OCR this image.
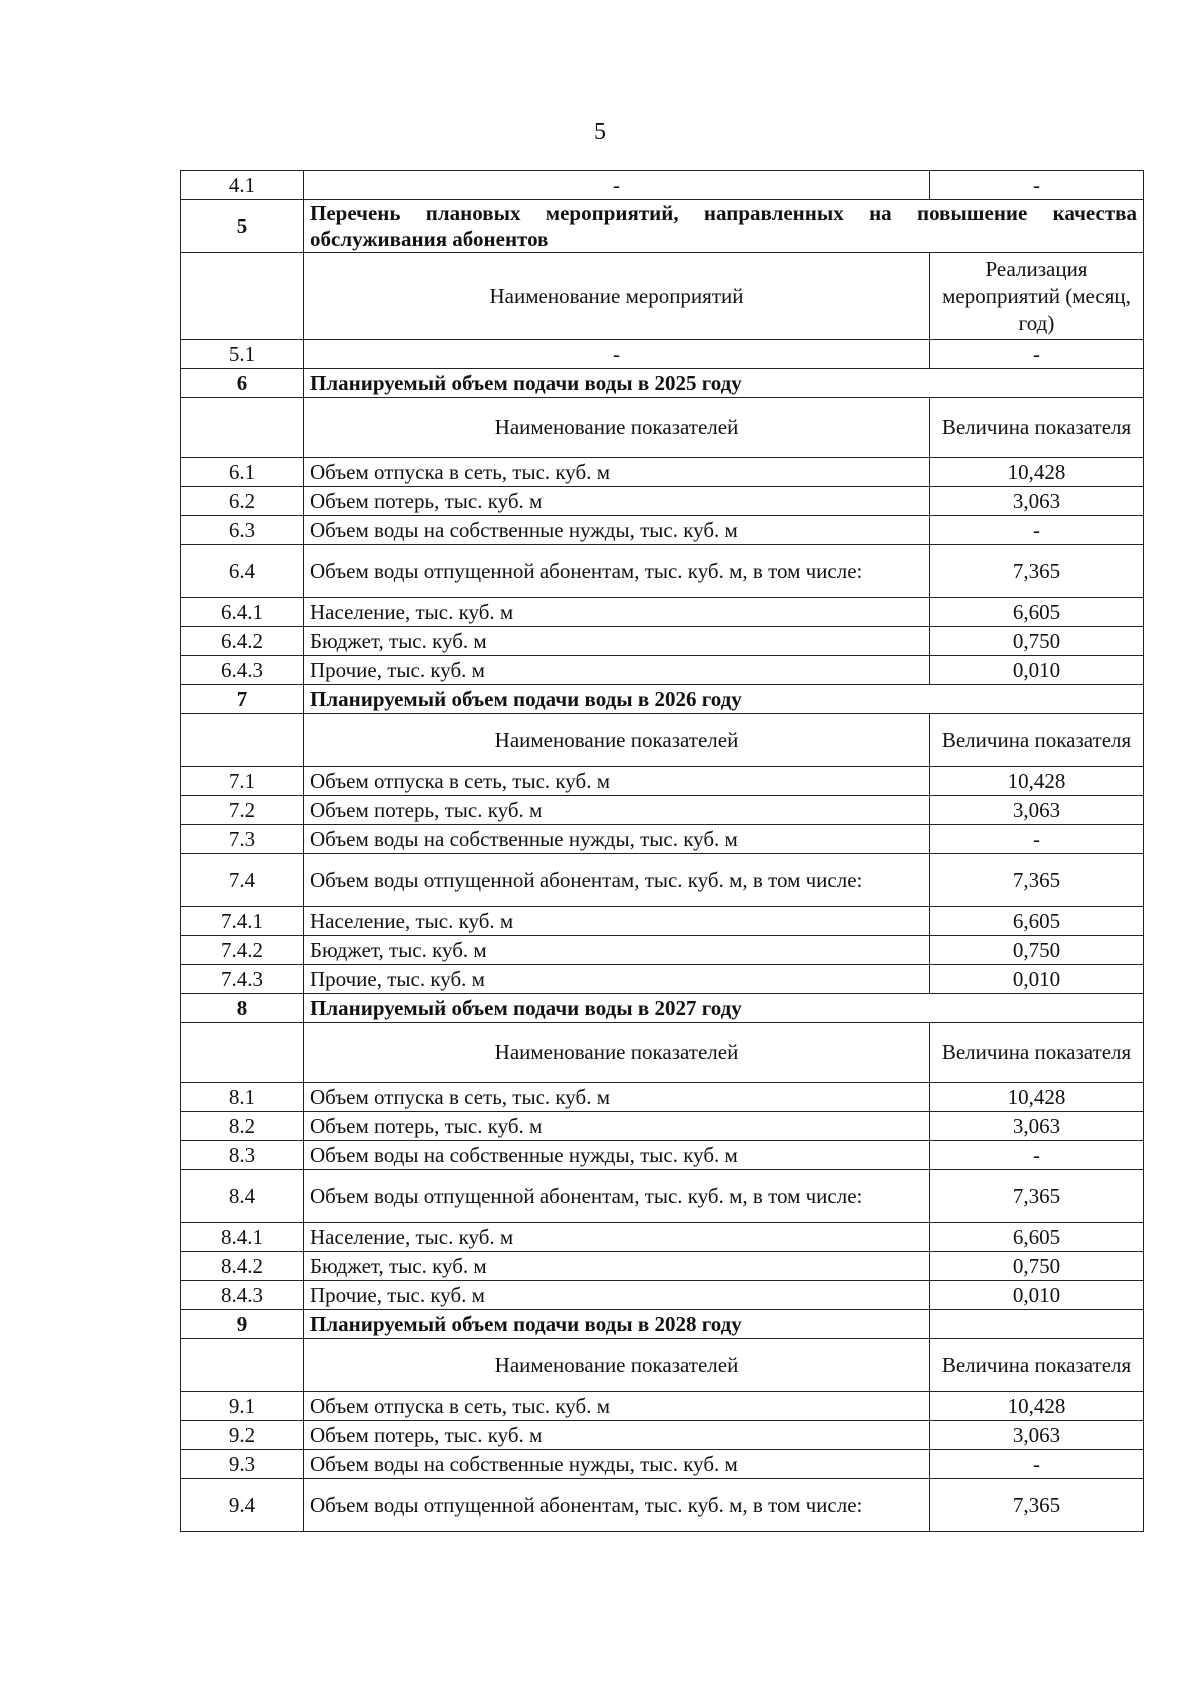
5
4.1	-	-
5	Перечень плановых мероприятий, направленных на повышение качества обслуживания абонентов	
	Наименование мероприятий	Реализация мероприятий (месяц, год)
5.1	-	-
6	Планируемый объем подачи воды в 2025 году	
	Наименование показателей	Величина показателя
6.1	Объем отпуска в сеть, тыс. куб. м	10,428
6.2	Объем потерь, тыс. куб. м	3,063
6.3	Объем воды на собственные нужды, тыс. куб. м	-
6.4	Объем воды отпущенной абонентам, тыс. куб. м, в том числе:	7,365
6.4.1	Население, тыс. куб. м	6,605
6.4.2	Бюджет, тыс. куб. м	0,750
6.4.3	Прочие, тыс. куб. м	0,010
7	Планируемый объем подачи воды в 2026 году	
	Наименование показателей	Величина показателя
7.1	Объем отпуска в сеть, тыс. куб. м	10,428
7.2	Объем потерь, тыс. куб. м	3,063
7.3	Объем воды на собственные нужды, тыс. куб. м	-
7.4	Объем воды отпущенной абонентам, тыс. куб. м, в том числе:	7,365
7.4.1	Население, тыс. куб. м	6,605
7.4.2	Бюджет, тыс. куб. м	0,750
7.4.3	Прочие, тыс. куб. м	0,010
8	Планируемый объем подачи воды в 2027 году	
	Наименование показателей	Величина показателя
8.1	Объем отпуска в сеть, тыс. куб. м	10,428
8.2	Объем потерь, тыс. куб. м	3,063
8.3	Объем воды на собственные нужды, тыс. куб. м	-
8.4	Объем воды отпущенной абонентам, тыс. куб. м, в том числе:	7,365
8.4.1	Население, тыс. куб. м	6,605
8.4.2	Бюджет, тыс. куб. м	0,750
8.4.3	Прочие, тыс. куб. м	0,010
9	Планируемый объем подачи воды в 2028 году	
	Наименование показателей	Величина показателя
9.1	Объем отпуска в сеть, тыс. куб. м	10,428
9.2	Объем потерь, тыс. куб. м	3,063
9.3	Объем воды на собственные нужды, тыс. куб. м	-
9.4	Объем воды отпущенной абонентам, тыс. куб. м, в том числе:	7,365
